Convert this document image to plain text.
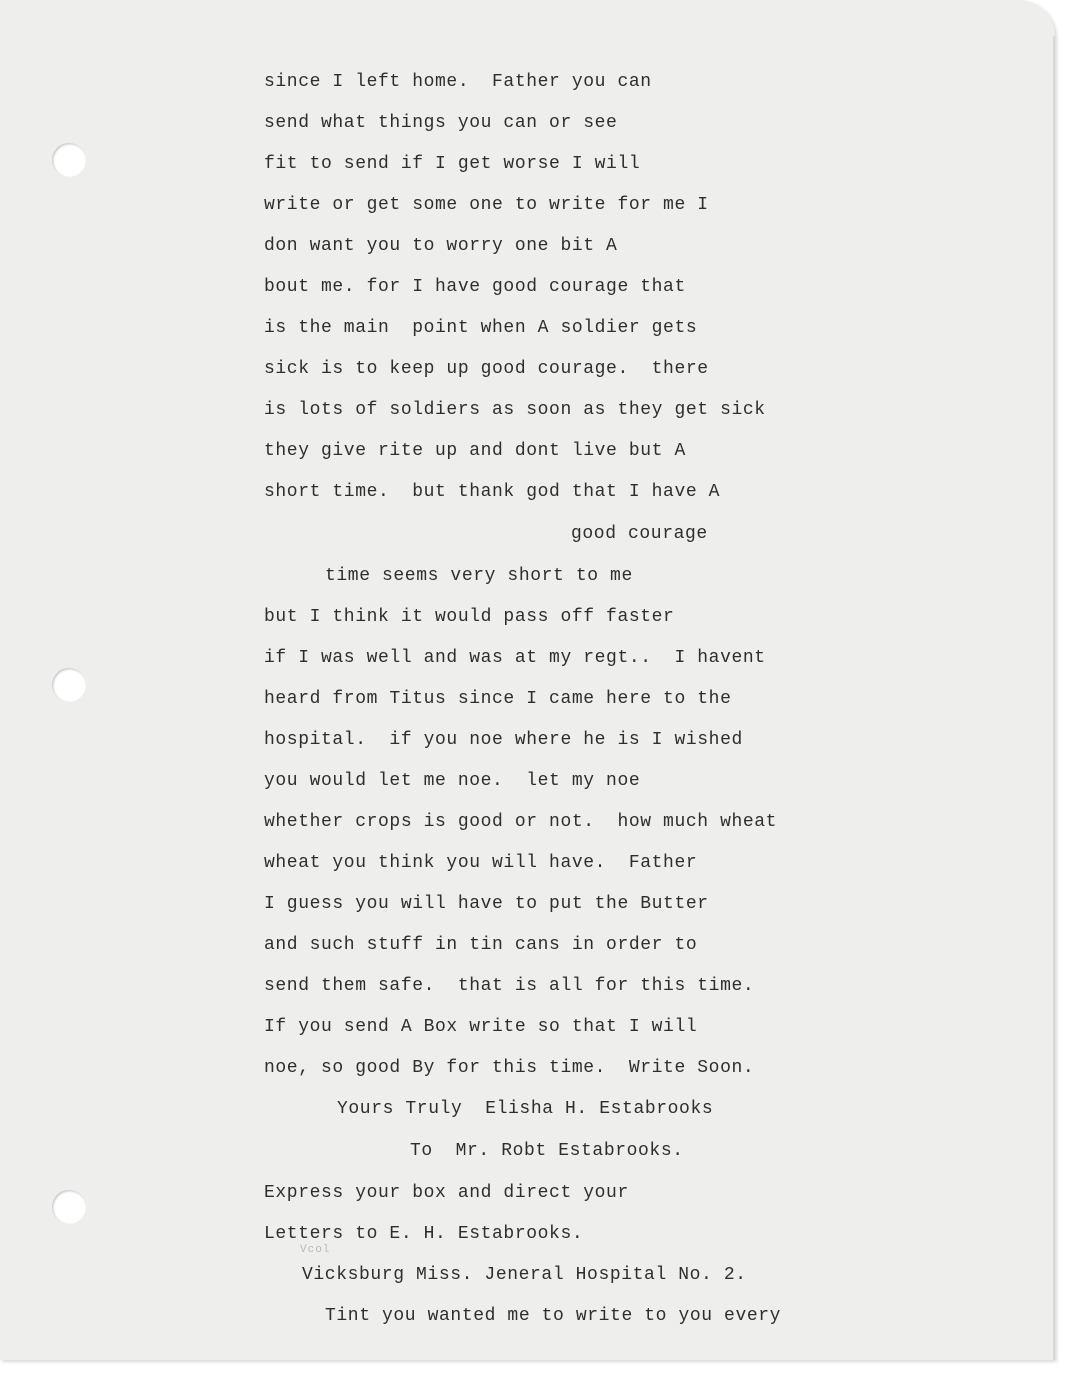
since I left home.  Father you can
send what things you can or see
fit to send if I get worse I will
write or get some one to write for me I
don want you to worry one bit A
bout me. for I have good courage that
is the main  point when A soldier gets
sick is to keep up good courage.  there
is lots of soldiers as soon as they get sick
they give rite up and dont live but A
short time.  but thank god that I have A
good courage
time seems very short to me
but I think it would pass off faster
if I was well and was at my regt..  I havent
heard from Titus since I came here to the
hospital.  if you noe where he is I wished
you would let me noe.  let my noe
whether crops is good or not.  how much wheat
wheat you think you will have.  Father
I guess you will have to put the Butter
and such stuff in tin cans in order to
send them safe.  that is all for this time.
If you send A Box write so that I will
noe, so good By for this time.  Write Soon.
Yours Truly  Elisha H. Estabrooks
To  Mr. Robt Estabrooks.
Express your box and direct your
Letters to E. H. Estabrooks.
Vcol
Vicksburg Miss. Jeneral Hospital No. 2.
Tint you wanted me to write to you every
